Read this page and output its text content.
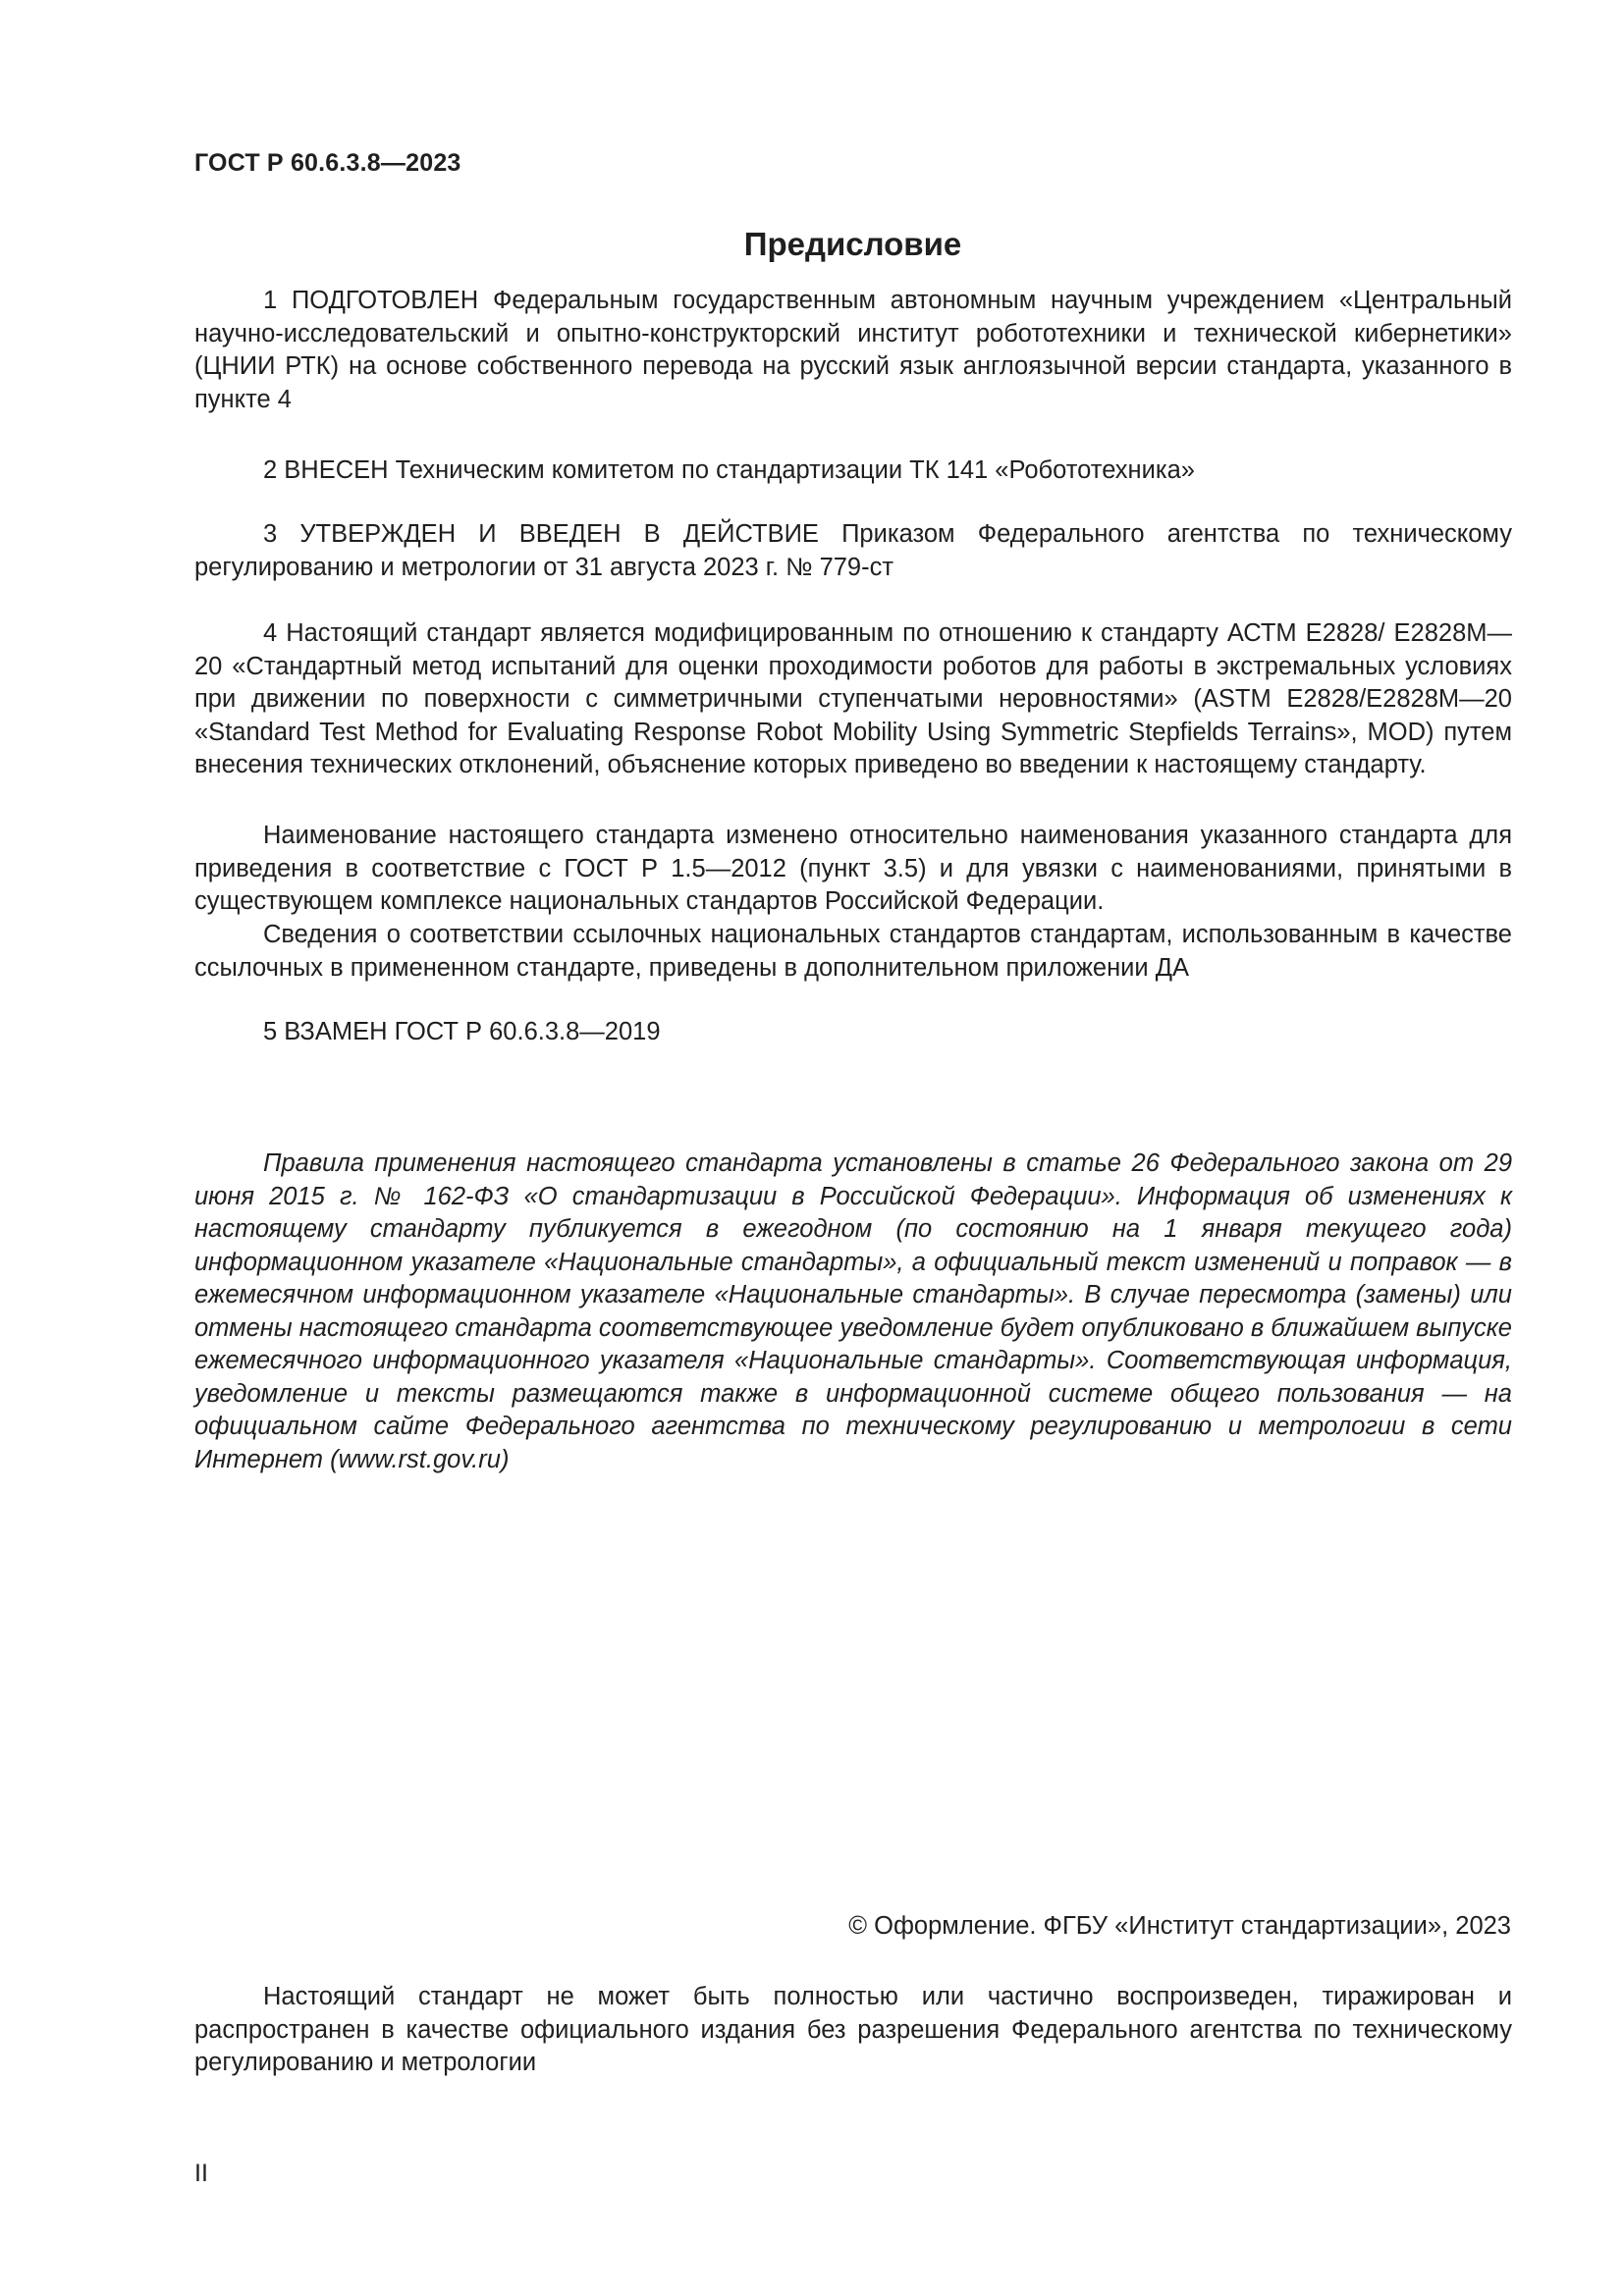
ГОСТ Р 60.6.3.8—2023
Предисловие

1 ПОДГОТОВЛЕН Федеральным государственным автономным научным учреждением «Центральный научно-исследовательский и опытно-конструкторский институт робототехники и технической кибернетики» (ЦНИИ РТК) на основе собственного перевода на русский язык англоязычной версии стандарта, указанного в пункте 4

2 ВНЕСЕН Техническим комитетом по стандартизации ТК 141 «Робототехника»

3 УТВЕРЖДЕН И ВВЕДЕН В ДЕЙСТВИЕ Приказом Федерального агентства по техническому регулированию и метрологии от 31 августа 2023 г. № 779-ст

4 Настоящий стандарт является модифицированным по отношению к стандарту АСТМ Е2828/ Е2828М—20 «Стандартный метод испытаний для оценки проходимости роботов для работы в экстремальных условиях при движении по поверхности с симметричными ступенчатыми неровностями» (ASTM E2828/E2828M—20 «Standard Test Method for Evaluating Response Robot Mobility Using Symmetric Stepfields Terrains», MOD) путем внесения технических отклонений, объяснение которых приведено во введении к настоящему стандарту.

Наименование настоящего стандарта изменено относительно наименования указанного стандарта для приведения в соответствие с ГОСТ Р 1.5—2012 (пункт 3.5) и для увязки с наименованиями, принятыми в существующем комплексе национальных стандартов Российской Федерации.

Сведения о соответствии ссылочных национальных стандартов стандартам, использованным в качестве ссылочных в примененном стандарте, приведены в дополнительном приложении ДА

5 ВЗАМЕН ГОСТ Р 60.6.3.8—2019

Правила применения настоящего стандарта установлены в статье 26 Федерального закона от 29 июня 2015 г. № 162-ФЗ «О стандартизации в Российской Федерации». Информация об изменениях к настоящему стандарту публикуется в ежегодном (по состоянию на 1 января текущего года) информационном указателе «Национальные стандарты», а официальный текст изменений и поправок — в ежемесячном информационном указателе «Национальные стандарты». В случае пересмотра (замены) или отмены настоящего стандарта соответствующее уведомление будет опубликовано в ближайшем выпуске ежемесячного информационного указателя «Национальные стандарты». Соответствующая информация, уведомление и тексты размещаются также в информационной системе общего пользования — на официальном сайте Федерального агентства по техническому регулированию и метрологии в сети Интернет (www.rst.gov.ru)

© Оформление. ФГБУ «Институт стандартизации», 2023

Настоящий стандарт не может быть полностью или частично воспроизведен, тиражирован и распространен в качестве официального издания без разрешения Федерального агентства по техническому регулированию и метрологии

II
